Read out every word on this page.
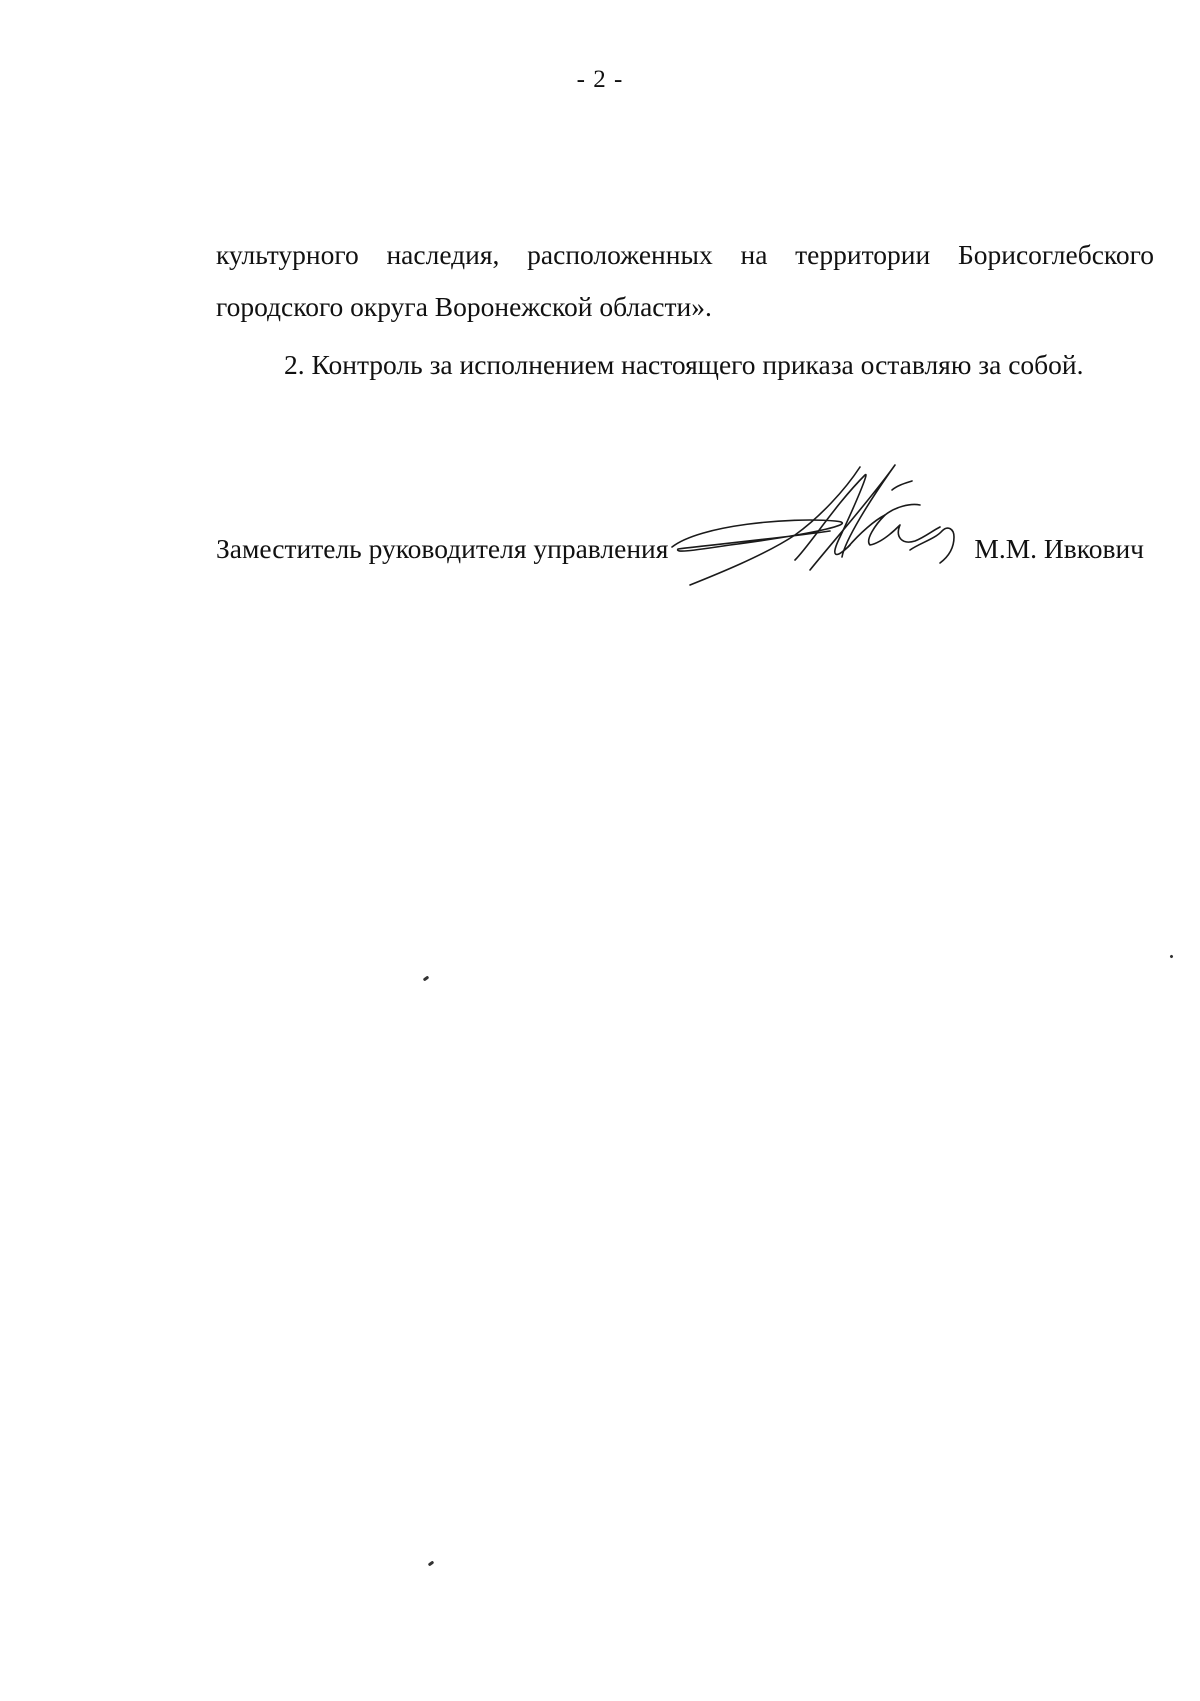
- 2 -
культурного наследия, расположенных на территории Борисоглебского
городского округа Воронежской области».
2. Контроль за исполнением настоящего приказа оставляю за собой.
Заместитель руководителя управления	М.М. Ивкович
